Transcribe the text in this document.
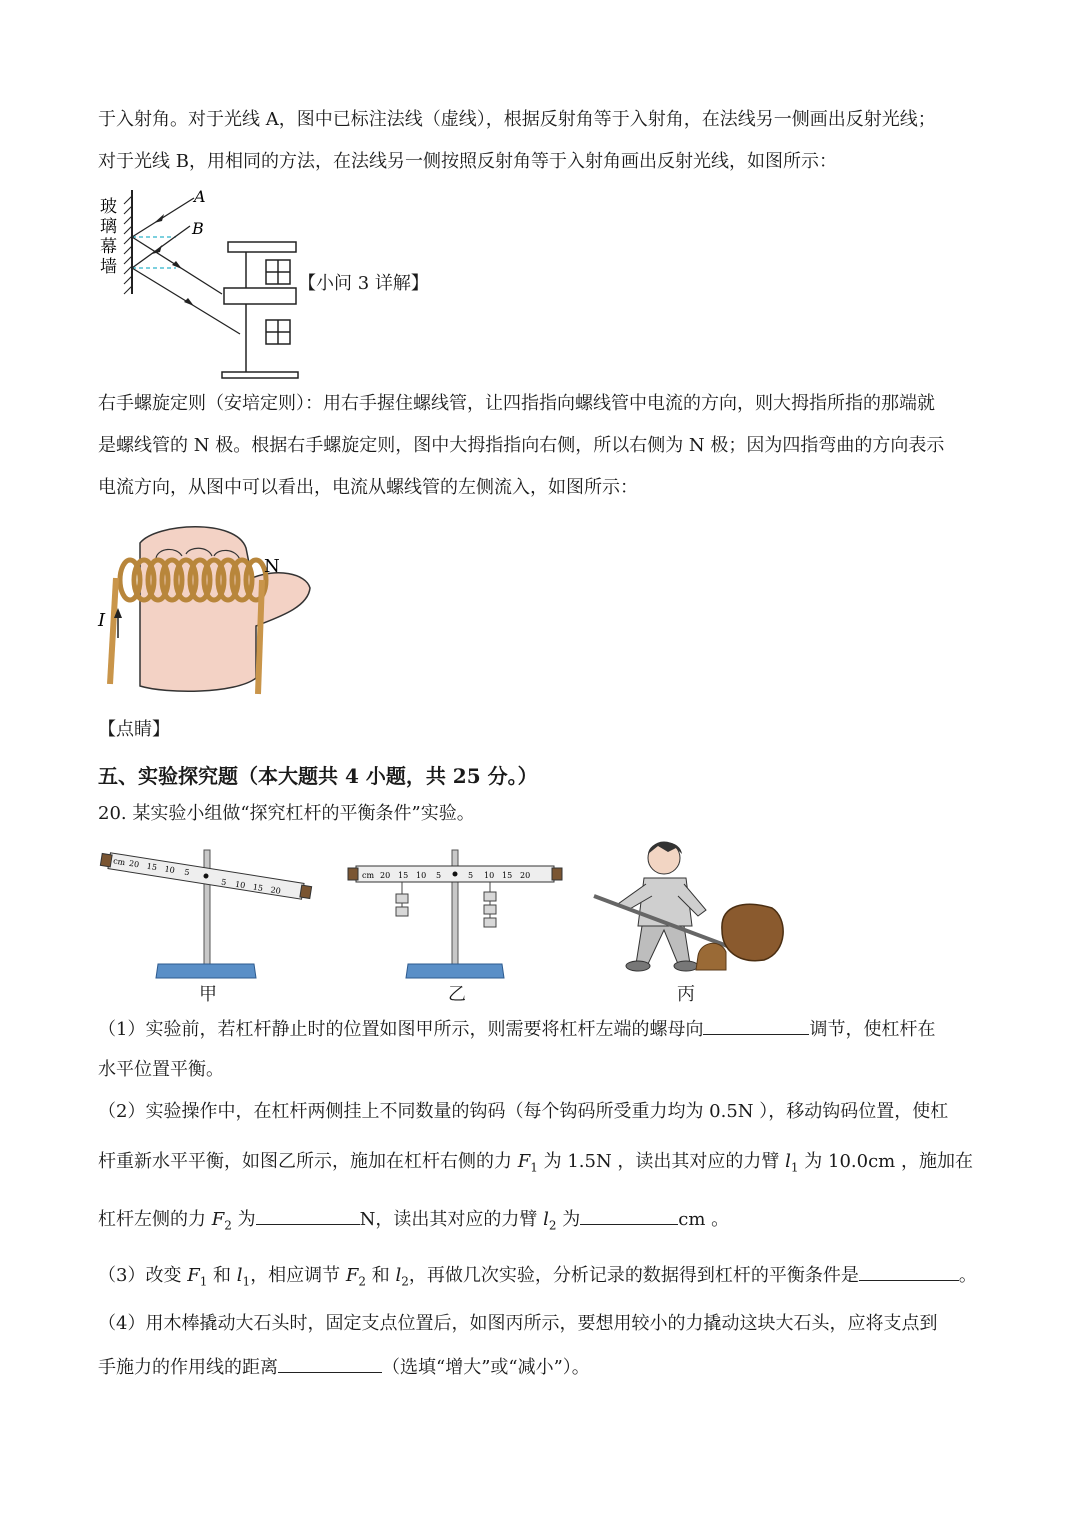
于入射角。对于光线 A，图中已标注法线（虚线），根据反射角等于入射角，在法线另一侧画出反射光线；
对于光线 B，用相同的方法，在法线另一侧按照反射角等于入射角画出反射光线，如图所示：
玻
璃
幕
墙
A
B
【小问 3 详解】
右手螺旋定则（安培定则）：用右手握住螺线管，让四指指向螺线管中电流的方向，则大拇指所指的那端就
是螺线管的 N 极。根据右手螺旋定则，图中大拇指指向右侧，所以右侧为 N 极；因为四指弯曲的方向表示
电流方向，从图中可以看出，电流从螺线管的左侧流入，如图所示：
I
N
【点睛】
五、实验探究题（本大题共 4 小题，共 25 分。）
20. 某实验小组做“探究杠杆的平衡条件”实验。
cm 20 15 10 5
5 10 15 20
甲
cm 20 15 10 5	5 10 15 20
乙	丙
（1）实验前，若杠杆静止时的位置如图甲所示，则需要将杠杆左端的螺母向	调节，使杠杆在
水平位置平衡。
（2）实验操作中，在杠杆两侧挂上不同数量的钩码（每个钩码所受重力均为 0.5N ），移动钩码位置，使杠
杆重新水平平衡，如图乙所示，施加在杠杆右侧的力 $F_1$ 为 1.5N ，读出其对应的力臂 $l_1$ 为 10.0cm ，施加在
杠杆左侧的力 $F_2$ 为	N，读出其对应的力臂 $l_2$ 为	cm 。
（3）改变 $F_1$ 和 $l_1$，相应调节 $F_2$ 和 $l_2$，再做几次实验，分析记录的数据得到杠杆的平衡条件是	。
（4）用木棒撬动大石头时，固定支点位置后，如图丙所示，要想用较小的力撬动这块大石头，应将支点到
手施力的作用线的距离	（选填“增大”或“减小”）。
